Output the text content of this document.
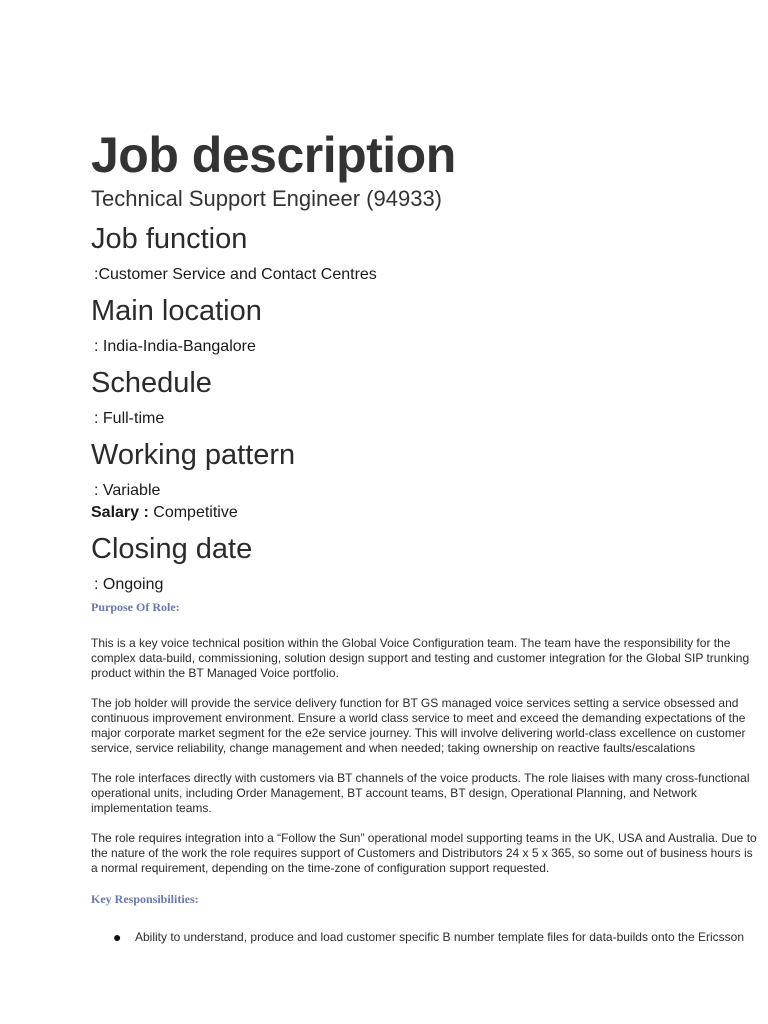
Job description
Technical Support Engineer (94933)
Job function

:Customer Service and Contact Centres

Main location

: India-India-Bangalore

Schedule

: Full-time

Working pattern

: Variable

Salary : Competitive

Closing date

: Ongoing

Purpose Of Role:

This is a key voice technical position within the Global Voice Configuration team. The team have the responsibility for the

complex data-build, commissioning, solution design support and testing and customer integration for the Global SIP trunking

product within the BT Managed Voice portfolio.

The job holder will provide the service delivery function for BT GS managed voice services setting a service obsessed and

continuous improvement environment. Ensure a world class service to meet and exceed the demanding expectations of the

major corporate market segment for the e2e service journey. This will involve delivering world-class excellence on customer

service, service reliability, change management and when needed; taking ownership on reactive faults/escalations

The role interfaces directly with customers via BT channels of the voice products. The role liaises with many cross-functional

operational units, including Order Management, BT account teams, BT design, Operational Planning, and Network

implementation teams.

The role requires integration into a “Follow the Sun” operational model supporting teams in the UK, USA and Australia. Due to

the nature of the work the role requires support of Customers and Distributors 24 x 5 x 365, so some out of business hours is

a normal requirement, depending on the time-zone of configuration support requested.

Key Responsibilities:

●	Ability to understand, produce and load customer specific B number template files for data-builds onto the Ericsson
